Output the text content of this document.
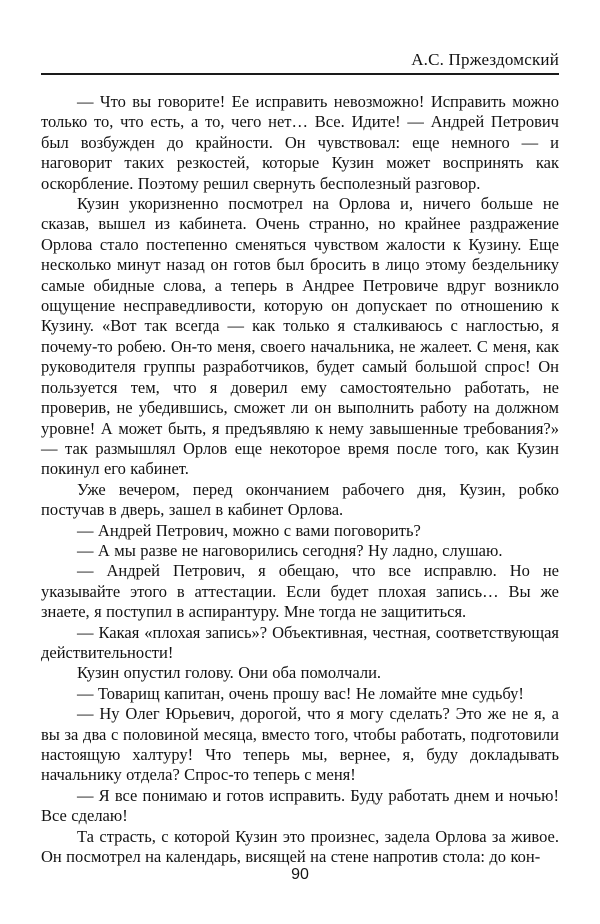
А.С. Пржездомский

— Что вы говорите! Ее исправить невозможно! Исправить можно только то, что есть, а то, чего нет… Все. Идите! — Андрей Петрович был возбужден до крайности. Он чувствовал: еще немного — и наговорит таких резкостей, которые Кузин может воспринять как оскорбление. Поэтому решил свернуть бесполезный разговор.

Кузин укоризненно посмотрел на Орлова и, ничего больше не сказав, вышел из кабинета. Очень странно, но крайнее раздражение Орлова стало постепенно сменяться чувством жалости к Кузину. Еще несколько минут назад он готов был бросить в лицо этому бездельнику самые обидные слова, а теперь в Андрее Петровиче вдруг возникло ощущение несправедливости, которую он допускает по отношению к Кузину. «Вот так всегда — как только я сталкиваюсь с наглостью, я почему-то робею. Он-то меня, своего начальника, не жалеет. С меня, как руководителя группы разработчиков, будет самый большой спрос! Он пользуется тем, что я доверил ему самостоятельно работать, не проверив, не убедившись, сможет ли он выполнить работу на должном уровне! А может быть, я предъявляю к нему завышенные требования?» — так размышлял Орлов еще некоторое время после того, как Кузин покинул его кабинет.

Уже вечером, перед окончанием рабочего дня, Кузин, робко постучав в дверь, зашел в кабинет Орлова.

— Андрей Петрович, можно с вами поговорить?

— А мы разве не наговорились сегодня? Ну ладно, слушаю.

— Андрей Петрович, я обещаю, что все исправлю. Но не указывайте этого в аттестации. Если будет плохая запись… Вы же знаете, я поступил в аспирантуру. Мне тогда не защититься.

— Какая «плохая запись»? Объективная, честная, соответствующая действительности!

Кузин опустил голову. Они оба помолчали.

— Товарищ капитан, очень прошу вас! Не ломайте мне судьбу!

— Ну Олег Юрьевич, дорогой, что я могу сделать? Это же не я, а вы за два с половиной месяца, вместо того, чтобы работать, подготовили настоящую халтуру! Что теперь мы, вернее, я, буду докладывать начальнику отдела? Спрос-то теперь с меня!

— Я все понимаю и готов исправить. Буду работать днем и ночью! Все сделаю!

Та страсть, с которой Кузин это произнес, задела Орлова за живое. Он посмотрел на календарь, висящей на стене напротив стола: до кон-

90
